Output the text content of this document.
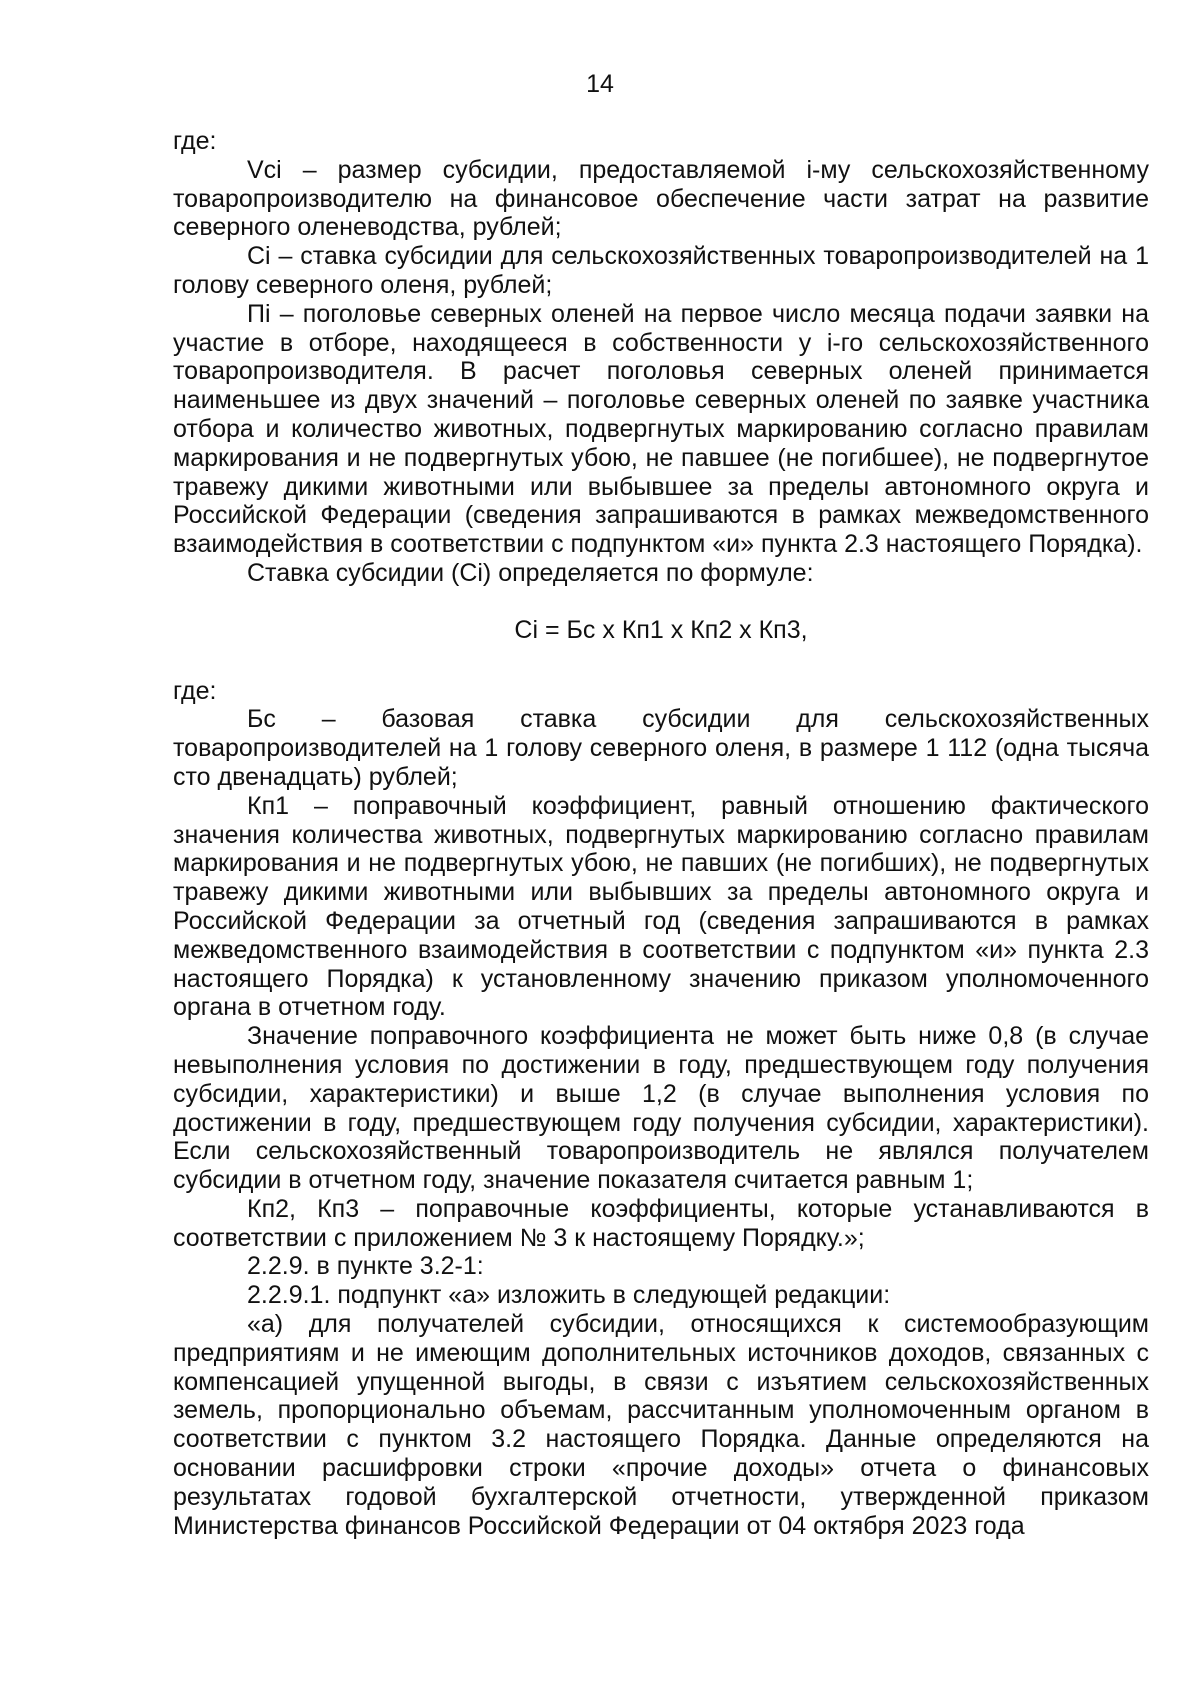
14

где:

Vci – размер субсидии, предоставляемой i-му сельскохозяйственному товаропроизводителю на финансовое обеспечение части затрат на развитие северного оленеводства, рублей;

Ci – ставка субсидии для сельскохозяйственных товаропроизводителей на 1 голову северного оленя, рублей;

Пi – поголовье северных оленей на первое число месяца подачи заявки на участие в отборе, находящееся в собственности у i-го сельскохозяйственного товаропроизводителя. В расчет поголовья северных оленей принимается наименьшее из двух значений – поголовье северных оленей по заявке участника отбора и количество животных, подвергнутых маркированию согласно правилам маркирования и не подвергнутых убою, не павшее (не погибшее), не подвергнутое травежу дикими животными или выбывшее за пределы автономного округа и Российской Федерации (сведения запрашиваются в рамках межведомственного взаимодействия в соответствии с подпунктом «и» пункта 2.3 настоящего Порядка).

Ставка субсидии (Ci) определяется по формуле:

Ci = Бс x Кп1 x Кп2 x Кп3,

где:

Бс – базовая ставка субсидии для сельскохозяйственных товаропроизводителей на 1 голову северного оленя, в размере 1 112 (одна тысяча сто двенадцать) рублей;

Кп1 – поправочный коэффициент, равный отношению фактического значения количества животных, подвергнутых маркированию согласно правилам маркирования и не подвергнутых убою, не павших (не погибших), не подвергнутых травежу дикими животными или выбывших за пределы автономного округа и Российской Федерации за отчетный год (сведения запрашиваются в рамках межведомственного взаимодействия в соответствии с подпунктом «и» пункта 2.3 настоящего Порядка) к установленному значению приказом уполномоченного органа в отчетном году.

Значение поправочного коэффициента не может быть ниже 0,8 (в случае невыполнения условия по достижении в году, предшествующем году получения субсидии, характеристики) и выше 1,2 (в случае выполнения условия по достижении в году, предшествующем году получения субсидии, характеристики). Если сельскохозяйственный товаропроизводитель не являлся получателем субсидии в отчетном году, значение показателя считается равным 1;

Кп2, Кп3 – поправочные коэффициенты, которые устанавливаются в соответствии с приложением № 3 к настоящему Порядку.»;

2.2.9. в пункте 3.2-1:

2.2.9.1. подпункт «а» изложить в следующей редакции:

«а) для получателей субсидии, относящихся к системообразующим предприятиям и не имеющим дополнительных источников доходов, связанных с компенсацией упущенной выгоды, в связи с изъятием сельскохозяйственных земель, пропорционально объемам, рассчитанным уполномоченным органом в соответствии с пунктом 3.2 настоящего Порядка. Данные определяются на основании расшифровки строки «прочие доходы» отчета о финансовых результатах годовой бухгалтерской отчетности, утвержденной приказом Министерства финансов Российской Федерации от 04 октября 2023 года
